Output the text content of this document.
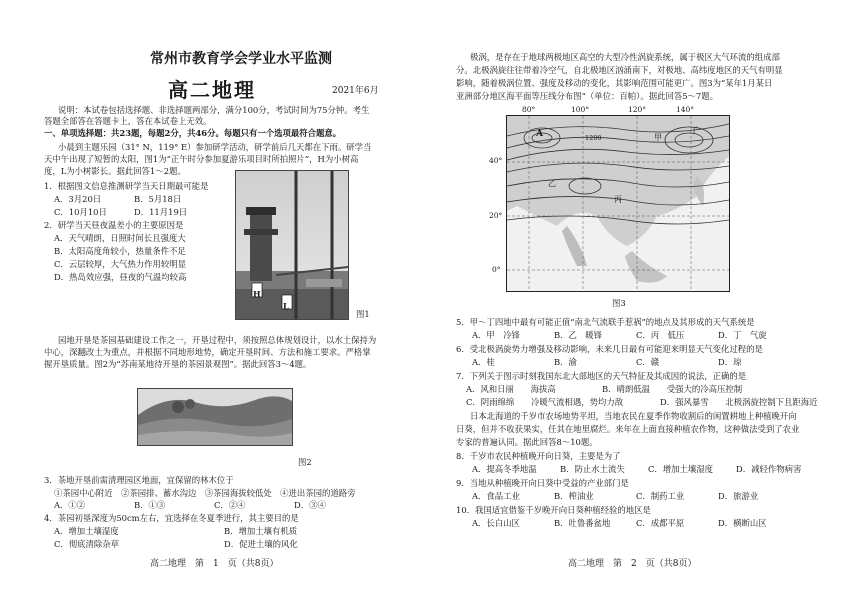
常州市教育学会学业水平监测
高二地理	2021年6月
说明：本试卷包括选择题、非选择题两部分，满分100分，考试时间为75分钟。考生
答题全部答在答题卡上，答在本试卷上无效。
一、单项选择题：共23题，每题2分，共46分。每题只有一个选项最符合题意。
小晨到主题乐园（31° N，119° E）参加研学活动，研学前后几天都在下雨。研学当
天中午出现了短暂的太阳，图1为“正午时分参加夏游乐项目时所拍照片”，H为小树高
度，L为小树影长。据此回答1～2题。
1．根据图文信息推测研学当天日期最可能是
A．3月20日	B．5月18日
C．10月10日	D．11月19日
2．研学当天昼夜温差小的主要原因是
A．天气晴朗，日照时间长且强度大
B．太阳高度角较小，热量条件不足
C．云层较厚，大气热力作用较明显
D．热岛效应强，昼夜的气温均较高
H
L
图1
园地开垦是茶园基础建设工作之一，开垦过程中，须按照总体规划设计，以水土保持为
中心，深翻改土为重点，并根据不同地形地势，确定开垦时间、方法和施工要求。严格掌
握开垦质量。图2为“苏南某地待开垦的茶园景观图”。据此回答3～4题。
图2
3．茶地开垦前需清理园区地面，宜保留的林木位于
①茶园中心附近　②茶园排、蓄水沟边　③茶园海拔较低处　④进出茶园的道路旁
A．①②	B．①③	C．②④	D．③④
4．茶园初垦深度为50cm左右，宜选择在冬夏季进行，其主要目的是
A．增加土壤湿度	B．增加土壤有机质
C．彻底清除杂草	D．促进土壤的风化
高二地理　第　1　页（共8页）
极涡，是存在于地球两极地区高空的大型冷性涡旋系统，属于极区大气环流的组成部
分。北极涡旋往往带着冷空气，自北极地区汹涌南下，对极地、高纬度地区的天气有明显
影响，随着极涡位置、强度及移动的变化，其影响范围可能更广。图3为“某年1月某日
亚洲部分地区海平面等压线分布图”（单位：百帕）。据此回答5～7题。
80°	100°	120°	140°
40°
20°
0°
A	甲
乙
丙
丁
1200
图3
5．甲～丁四地中最有可能正值“南北气流联手惹祸”的地点及其形成的天气系统是
A．甲　冷锋	B．乙　暖锋	C．丙　低压	D．丁　气旋
6．受北极涡旋势力增强及移动影响，未来几日最有可能迎来明显天气变化过程的是
A．桂	B．渝	C．赣	D．琼
7．下列关于图示时刻我国东北大部地区的天气特征及其成因的说法，正确的是
A．风和日丽　　海拔高	B．晴朗低温　　受强大的冷高压控制
C．阴雨绵绵　　冷暖气流相遇，势均力敌	D．强风暴雪　　北极涡旋控制下且距海近
日本北海道的千岁市农场地势平坦，当地农民在夏季作物收割后的闲置耕地上种植晚开向
日葵，但并不收获果实，任其在地里腐烂。来年在上面直接种植农作物，这种做法受到了农业
专家的普遍认同。据此回答8～10题。
8．千岁市农民种植晚开向日葵，主要是为了
A．提高冬季地温	B．防止水土流失	C．增加土壤湿度	D．减轻作物病害
9．当地从种植晚开向日葵中受益的产业部门是
A．食品工业	B．榨油业	C．制药工业	D．旅游业
10．我国适宜借鉴千岁晚开向日葵种植经验的地区是
A．长白山区	B．吐鲁番盆地	C．成都平原	D．横断山区
高二地理　第　2　页（共8页）
